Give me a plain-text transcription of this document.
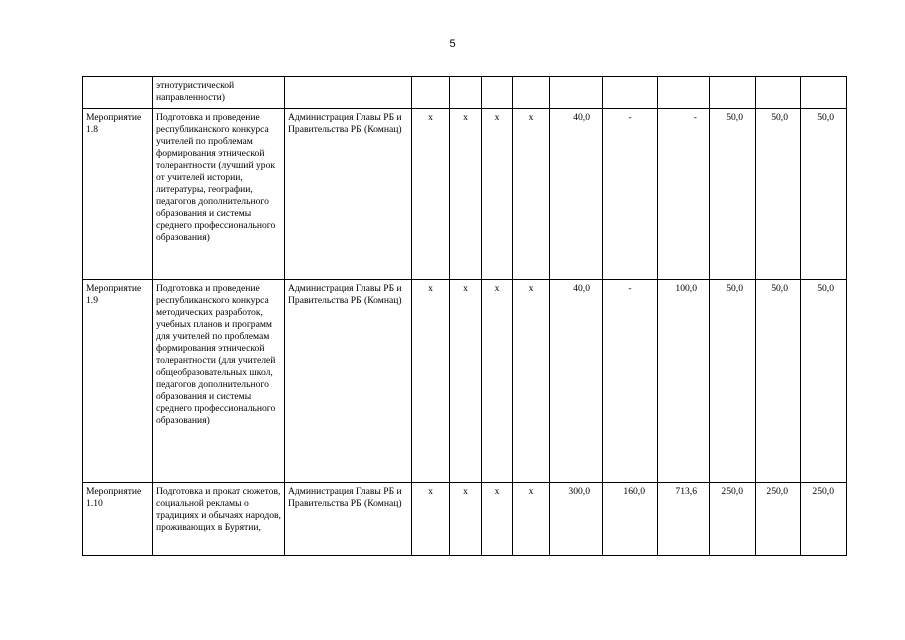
5
	этнотуристической направленности)											
Мероприятие 1.8	Подготовка и проведение республиканского конкурса учителей по проблемам формирования этнической толерантности (лучший урок от учителей истории, литературы, географии, педагогов дополнительного образования и системы среднего профессионального образования)	Администрация Главы РБ и Правительства РБ (Комнац)	x	x	x	x	40,0	-	-	50,0	50,0	50,0
Мероприятие 1.9	Подготовка и проведение республиканского конкурса методических разработок, учебных планов и программ для учителей по проблемам формирования этнической толерантности (для учителей общеобразовательных школ, педагогов дополнительного образования и системы среднего профессионального образования)	Администрация Главы РБ и Правительства РБ (Комнац)	x	x	x	x	40,0	-	100,0	50,0	50,0	50,0
Мероприятие 1.10	Подготовка и прокат сюжетов, социальной рекламы о традициях и обычаях народов, проживающих в Бурятии,	Администрация Главы РБ и Правительства РБ (Комнац)	x	x	x	x	300,0	160,0	713,6	250,0	250,0	250,0
